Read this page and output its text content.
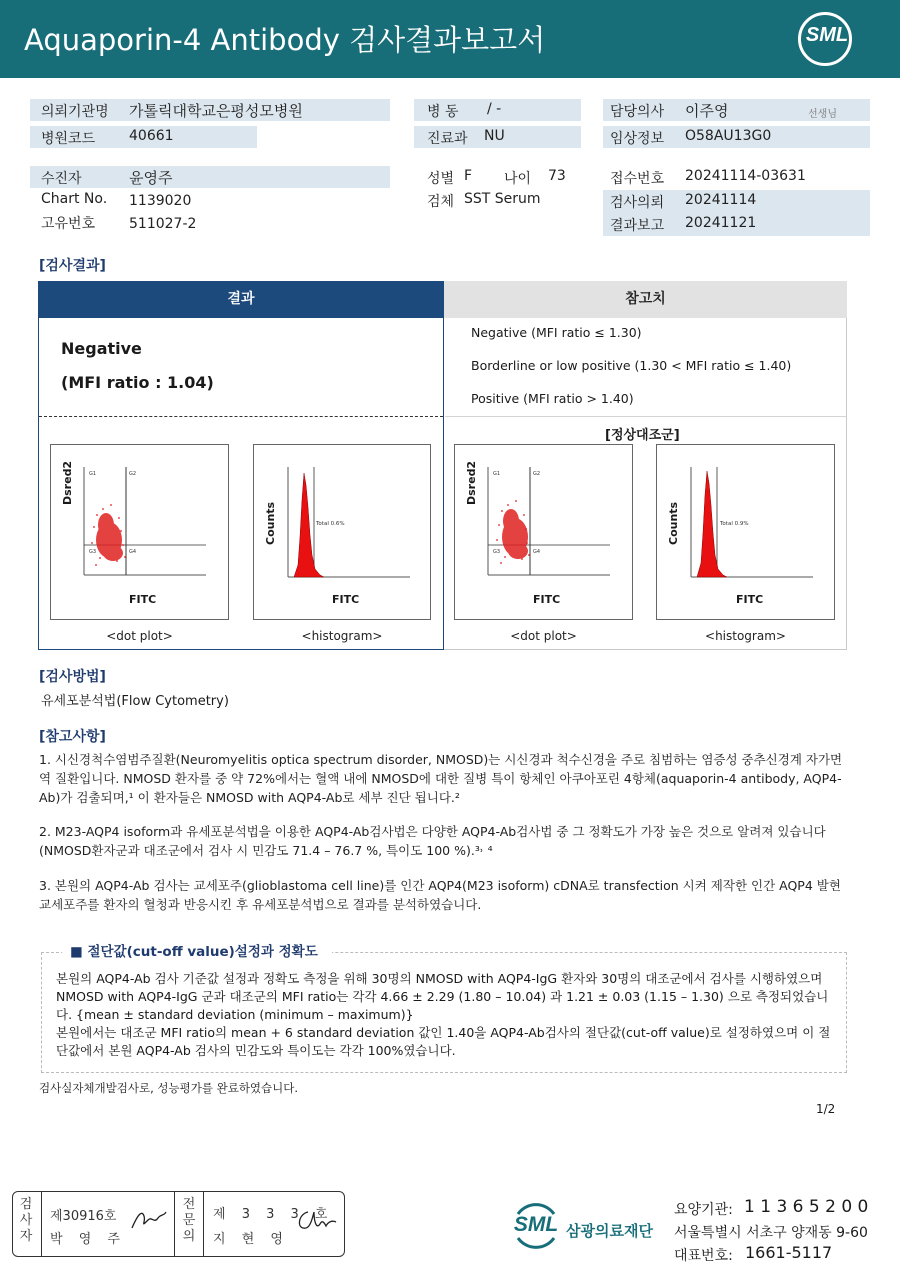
Aquaporin-4 Antibody 검사결과보고서	SML
의뢰기관명 가톨릭대학교은평성모병원
병원코드 40661
병 동 / -
진료과 NU
담당의사 이주영	선생님
임상정보 O58AU13G0
수진자	윤영주
Chart No. 1139020
고유번호 511027-2
성별 F 나이 73
검체 SST Serum
접수번호 20241114-03631
검사의뢰 20241114
결과보고 20241121
[검사결과]
결과	참고치
Negative
(MFI ratio : 1.04)
Negative (MFI ratio ≤ 1.30)
Borderline or low positive (1.30 < MFI ratio ≤ 1.40)
Positive (MFI ratio > 1.40)
[정상대조군]
G1	G2
G3	G4
Dsred2
FITC
<dot plot>
Total 0.6%
Counts
FITC
<histogram>
G1	G2
G3	G4
Dsred2
FITC
<dot plot>
Total 0.9%
Counts
FITC
<histogram>
[검사방법]
유세포분석법(Flow Cytometry)
[참고사항]
1. 시신경척수염범주질환(Neuromyelitis optica spectrum disorder, NMOSD)는 시신경과 척수신경을 주로 침범하는 염증성 중추신경계 자가면역 질환입니다. NMOSD 환자를 중 약 72%에서는 혈액 내에 NMOSD에 대한 질병 특이 항체인 아쿠아포린 4항체(aquaporin-4 antibody, AQP4-Ab)가 검출되며,¹ 이 환자들은 NMOSD with AQP4-Ab로 세부 진단 됩니다.²
2. M23-AQP4 isoform과 유세포분석법을 이용한 AQP4-Ab검사법은 다양한 AQP4-Ab검사법 중 그 정확도가 가장 높은 것으로 알려져 있습니다(NMOSD환자군과 대조군에서 검사 시 민감도 71.4 – 76.7 %, 특이도 100 %).³˒ ⁴
3. 본원의 AQP4-Ab 검사는 교세포주(glioblastoma cell line)를 인간 AQP4(M23 isoform) cDNA로 transfection 시켜 제작한 인간 AQP4 발현 교세포주를 환자의 혈청과 반응시킨 후 유세포분석법으로 결과를 분석하였습니다.
■ 절단값(cut-off value)설정과 정확도
본원의 AQP4-Ab 검사 기준값 설정과 정확도 측정을 위해 30명의 NMOSD with AQP4-IgG 환자와 30명의 대조군에서 검사를 시행하였으며 NMOSD with AQP4-IgG 군과 대조군의 MFI ratio는 각각 4.66 ± 2.29 (1.80 – 10.04) 과 1.21 ± 0.03 (1.15 – 1.30) 으로 측정되었습니다. {mean ± standard deviation (minimum – maximum)}
본원에서는 대조군 MFI ratio의 mean + 6 standard deviation 값인 1.40을 AQP4-Ab검사의 절단값(cut-off value)로 설정하였으며 이 절단값에서 본원 AQP4-Ab 검사의 민감도와 특이도는 각각 100%였습니다.
검사실자체개발검사로, 성능평가를 완료하였습니다.
1/2
검사자
제30916호
박 영 주
전문의
제 3 3 3 호
지 현 영
SML 삼광의료재단
요양기관: 1 1 3 6 5 2 0 0
서울특별시 서초구 양재동 9-60
대표번호: 1661-5117
